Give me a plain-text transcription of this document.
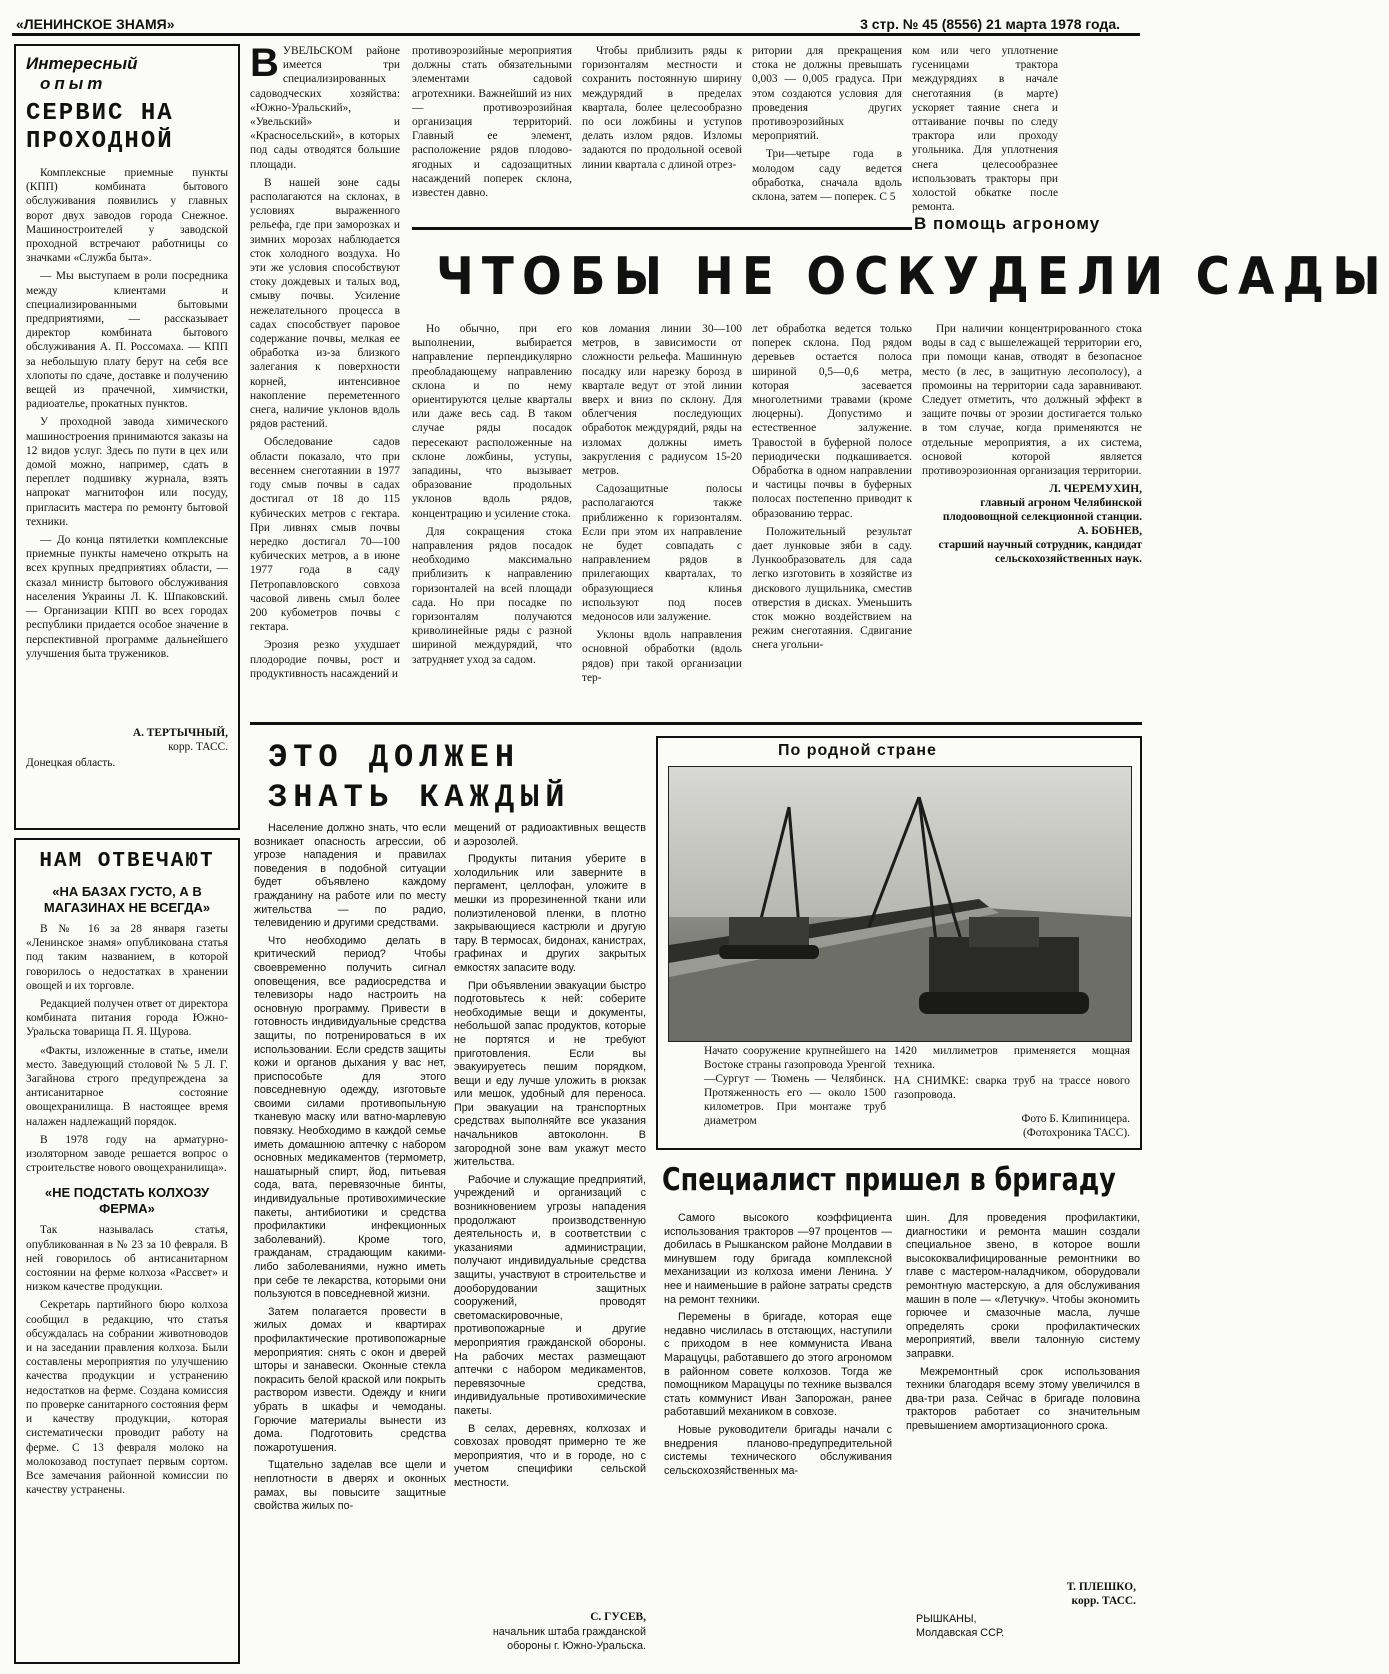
«ЛЕНИНСКОЕ ЗНАМЯ»	3 стр. № 45 (8556) 21 марта 1978 года.
Интересный
опыт
СЕРВИС НА ПРОХОДНОЙ

Комплексные приемные пункты (КПП) комбината бытового обслуживания появились у главных ворот двух заводов города Снежное. Машиностроителей у заводской проходной встречают работницы со значками «Служба быта».

— Мы выступаем в роли посредника между клиентами и специализированными бытовыми предприятиями, — рассказывает директор комбината бытового обслуживания А. П. Россомаха. — КПП за небольшую плату берут на себя все хлопоты по сдаче, доставке и получению вещей из прачечной, химчистки, радиоателье, прокатных пунктов.

У проходной завода химического машиностроения принимаются заказы на 12 видов услуг. Здесь по пути в цех или домой можно, например, сдать в переплет подшивку журнала, взять напрокат магнитофон или посуду, пригласить мастера по ремонту бытовой техники.

— До конца пятилетки комплексные приемные пункты намечено открыть на всех крупных предприятиях области, — сказал министр бытового обслуживания населения Украины Л. К. Шпаковский. — Организации КПП во всех городах республики придается особое значение в перспективной программе дальнейшего улучшения быта тружеников.

А. ТЕРТЫЧНЫЙ,
корр. ТАСС.
Донецкая область.
НАМ ОТВЕЧАЮТ
«НА БАЗАХ ГУСТО, А В МАГАЗИНАХ НЕ ВСЕГДА»

В № 16 за 28 января газеты «Ленинское знамя» опубликована статья под таким названием, в которой говорилось о недостатках в хранении овощей и их торговле.

Редакцией получен ответ от директора комбината питания города Южно-Уральска товарища П. Я. Щурова.

«Факты, изложенные в статье, имели место. Заведующий столовой № 5 Л. Г. Загайнова строго предупреждена за антисанитарное состояние овощехранилища. В настоящее время налажен надлежащий порядок.

В 1978 году на арматурно-изоляторном заводе решается вопрос о строительстве нового овощехранилища».

«НЕ ПОДСТАТЬ КОЛХОЗУ ФЕРМА»

Так называлась статья, опубликованная в № 23 за 10 февраля. В ней говорилось об антисанитарном состоянии на ферме колхоза «Рассвет» и низком качестве продукции.

Секретарь партийного бюро колхоза сообщил в редакцию, что статья обсуждалась на собрании животноводов и на заседании правления колхоза. Были составлены мероприятия по улучшению качества продукции и устранению недостатков на ферме. Создана комиссия по проверке санитарного состояния ферм и качеству продукции, которая систематически проводит работу на ферме. С 13 февраля молоко на молокозавод поступает первым сортом. Все замечания районной комиссии по качеству устранены.

ВУВЕЛЬСКОМ районе имеется три специализированных садоводческих хозяйства: «Южно-Уральский», «Увельский» и «Красносельский», в которых под сады отводятся большие площади.

В нашей зоне сады располагаются на склонах, в условиях выраженного рельефа, где при заморозках и зимних морозах наблюдается сток холодного воздуха. Но эти же условия способствуют стоку дождевых и талых вод, смыву почвы. Усиление нежелательного процесса в садах способствует паровое содержание почвы, мелкая ее обработка из-за близкого залегания к поверхности корней, интенсивное накопление переметенного снега, наличие уклонов вдоль рядов растений.

Обследование садов области показало, что при весеннем снеготаянии в 1977 году смыв почвы в садах достигал от 18 до 115 кубических метров с гектара. При ливнях смыв почвы нередко достигал 70—100 кубических метров, а в июне 1977 года в саду Петропавловского совхоза часовой ливень смыл более 200 кубометров почвы с гектара.

Эрозия резко ухудшает плодородие почвы, рост и продуктивность насаждений и

противоэрозийные мероприятия должны стать обязательными элементами садовой агротехники. Важнейший из них — противоэрозийная организация территорий. Главный ее элемент, расположение рядов плодово-ягодных и садозащитных насаждений поперек склона, известен давно.

Чтобы приблизить ряды к горизонталям местности и сохранить постоянную ширину междурядий в пределах квартала, более целесообразно по оси ложбины и уступов делать излом рядов. Изломы задаются по продольной осевой линии квартала с длиной отрез-

ритории для прекращения стока не должны превышать 0,003 — 0,005 градуса. При этом создаются условия для проведения других противоэрозийных мероприятий.

Три—четыре года в молодом саду ведется обработка, сначала вдоль склона, затем — поперек. С 5

ком или чего уплотнение гусеницами трактора междурядиях в начале снеготаяния (в марте) ускоряет таяние снега и оттаивание почвы по следу трактора или проходу угольника. Для уплотнения снега целесообразнее использовать тракторы при холостой обкатке после ремонта.

В помощь агроному
ЧТОБЫ НЕ ОСКУДЕЛИ САДЫ

Но обычно, при его выполнении, выбирается направление перпендикулярно преобладающему направлению склона и по нему ориентируются целые кварталы или даже весь сад. В таком случае ряды посадок пересекают расположенные на склоне ложбины, уступы, западины, что вызывает образование продольных уклонов вдоль рядов, концентрацию и усиление стока.

Для сокращения стока направления рядов посадок необходимо максимально приблизить к направлению горизонталей на всей площади сада. Но при посадке по горизонталям получаются криволинейные ряды с разной шириной междурядий, что затрудняет уход за садом.

ков ломания линии 30—100 метров, в зависимости от сложности рельефа. Машинную посадку или нарезку борозд в квартале ведут от этой линии вверх и вниз по склону. Для облегчения последующих обработок междурядий, ряды на изломах должны иметь закругления с радиусом 15-20 метров.

Садозащитные полосы располагаются также приближенно к горизонталям. Если при этом их направление не будет совпадать с направлением рядов в прилегающих кварталах, то образующиеся клинья используют под посев медоносов или залужение.

Уклоны вдоль направления основной обработки (вдоль рядов) при такой организации тер-

лет обработка ведется только поперек склона. Под рядом деревьев остается полоса шириной 0,5—0,6 метра, которая засевается многолетними травами (кроме люцерны). Допустимо и естественное залужение. Травостой в буферной полосе периодически подкашивается. Обработка в одном направлении и частицы почвы в буферных полосах постепенно приводит к образованию террас.

Положительный результат дает лунковые зяби в саду. Лункообразователь для сада легко изготовить в хозяйстве из дискового лущильника, сместив отверстия в дисках. Уменьшить сток можно воздействием на режим снеготаяния. Сдвигание снега угольни-

При наличии концентрированного стока воды в сад с вышележащей территории его, при помощи канав, отводят в безопасное место (в лес, в защитную лесополосу), а промоины на территории сада заравнивают. Следует отметить, что должный эффект в защите почвы от эрозии достигается только в том случае, когда применяются не отдельные мероприятия, а их система, основой которой является противоэрозионная организация территории.

Л. ЧЕРЕМУХИН,
главный агроном Челябинской плодоовощной селекционной станции.
А. БОБНЕВ,
старший научный сотрудник, кандидат сельскохозяйственных наук.
ЭТО ДОЛЖЕН ЗНАТЬ КАЖДЫЙ

Население должно знать, что если возникает опасность агрессии, об угрозе нападения и правилах поведения в подобной ситуации будет объявлено каждому гражданину на работе или по месту жительства — по радио, телевидению и другими средствами.

Что необходимо делать в критический период? Чтобы своевременно получить сигнал оповещения, все радиосредства и телевизоры надо настроить на основную программу. Привести в готовность индивидуальные средства защиты, по потренироваться в их использовании. Если средств защиты кожи и органов дыхания у вас нет, приспособьте для этого повседневную одежду, изготовьте своими силами противопыльную тканевую маску или ватно-марлевую повязку. Необходимо в каждой семье иметь домашнюю аптечку с набором основных медикаментов (термометр, нашатырный спирт, йод, питьевая сода, вата, перевязочные бинты, индивидуальные противохимические пакеты, антибиотики и средства профилактики инфекционных заболеваний). Кроме того, гражданам, страдающим какими-либо заболеваниями, нужно иметь при себе те лекарства, которыми они пользуются в повседневной жизни.

Затем полагается провести в жилых домах и квартирах профилактические противопожарные мероприятия: снять с окон и дверей шторы и занавески. Оконные стекла покрасить белой краской или покрыть раствором извести. Одежду и книги убрать в шкафы и чемоданы. Горючие материалы вынести из дома. Подготовить средства пожаротушения.

Тщательно заделав все щели и неплотности в дверях и оконных рамах, вы повысите защитные свойства жилых по-

мещений от радиоактивных веществ и аэрозолей.

Продукты питания уберите в холодильник или заверните в пергамент, целлофан, уложите в мешки из прорезиненной ткани или полиэтиленовой пленки, в плотно закрывающиеся кастрюли и другую тару. В термосах, бидонах, канистрах, графинах и других закрытых емкостях запасите воду.

При объявлении эвакуации быстро подготовьтесь к ней: соберите необходимые вещи и документы, небольшой запас продуктов, которые не портятся и не требуют приготовления. Если вы эвакуируетесь пешим порядком, вещи и еду лучше уложить в рюкзак или мешок, удобный для переноса. При эвакуации на транспортных средствах выполняйте все указания начальников автоколонн. В загородной зоне вам укажут место жительства.

Рабочие и служащие предприятий, учреждений и организаций с возникновением угрозы нападения продолжают производственную деятельность и, в соответствии с указаниями администрации, получают индивидуальные средства защиты, участвуют в строительстве и дооборудовании защитных сооружений, проводят светомаскировочные, противопожарные и другие мероприятия гражданской обороны. На рабочих местах размещают аптечки с набором медикаментов, перевязочные средства, индивидуальные противохимические пакеты.

В селах, деревнях, колхозах и совхозах проводят примерно те же мероприятия, что и в городе, но с учетом специфики сельской местности.

С. ГУСЕВ,
начальник штаба гражданской обороны г. Южно-Уральска.
По родной стране
Начато сооружение крупнейшего на Востоке страны газопровода Уренгой—Сургут — Тюмень — Челябинск. Протяженность его — около 1500 километров. При монтаже труб диаметром
1420 миллиметров применяется мощная техника.
НА СНИМКЕ: сварка труб на трассе нового газопровода.
Фото Б. Клипиницера.
(Фотохроника ТАСС).
Специалист пришел в бригаду

Самого высокого коэффициента использования тракторов —97 процентов — добилась в Рышканском районе Молдавии в минувшем году бригада комплексной механизации из колхоза имени Ленина. У нее и наименьшие в районе затраты средств на ремонт техники.

Перемены в бригаде, которая еще недавно числилась в отстающих, наступили с приходом в нее коммуниста Ивана Марацуцы, работавшего до этого агрономом в районном совете колхозов. Тогда же помощником Марацуцы по технике вызвался стать коммунист Иван Запорожан, ранее работавший механиком в совхозе.

Новые руководители бригады начали с внедрения планово-предупредительной системы технического обслуживания сельскохозяйственных ма-

шин. Для проведения профилактики, диагностики и ремонта машин создали специальное звено, в которое вошли высококвалифицированные ремонтники во главе с мастером-наладчиком, оборудовали ремонтную мастерскую, а для обслуживания машин в поле — «Летучку». Чтобы экономить горючее и смазочные масла, лучше определять сроки профилактических мероприятий, ввели талонную систему заправки.

Межремонтный срок использования техники благодаря всему этому увеличился в два-три раза. Сейчас в бригаде половина тракторов работает со значительным превышением амортизационного срока.

Т. ПЛЕШКО,
корр. ТАСС.
РЫШКАНЫ,
Молдавская ССР.
